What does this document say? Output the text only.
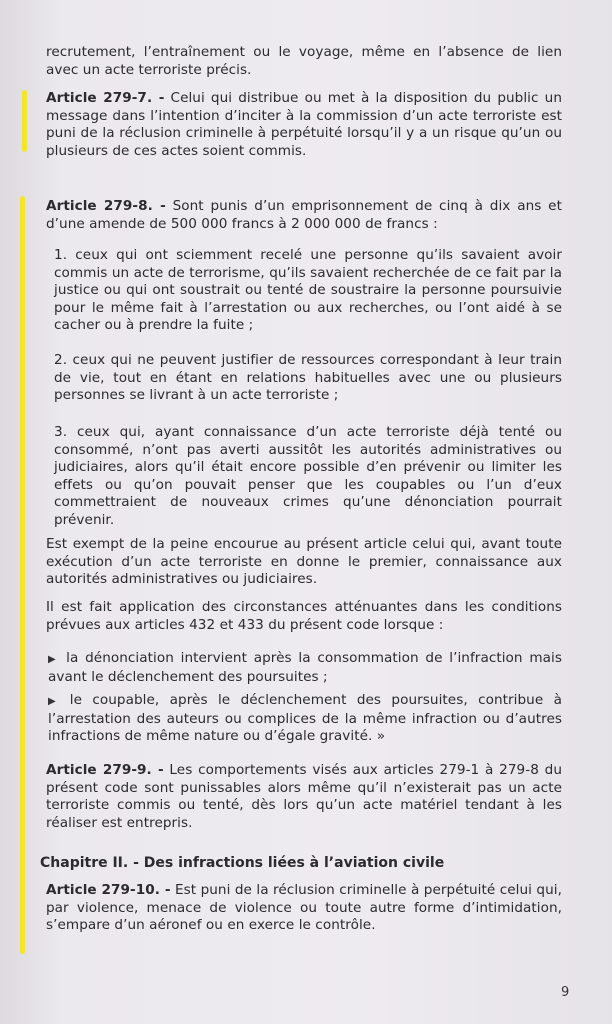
recrutement, l’entraînement ou le voyage, même en l’absence de lien avec un acte terroriste précis.

Article 279-7. - Celui qui distribue ou met à la disposition du public un message dans l’intention d’inciter à la commission d’un acte terroriste est puni de la réclusion criminelle à perpétuité lorsqu’il y a un risque qu’un ou plusieurs de ces actes soient commis.

Article 279-8. - Sont punis d’un emprisonnement de cinq à dix ans et d’une amende de 500 000 francs à 2 000 000 de francs :

1. ceux qui ont sciemment recelé une personne qu’ils savaient avoir commis un acte de terrorisme, qu’ils savaient recherchée de ce fait par la justice ou qui ont soustrait ou tenté de soustraire la personne poursuivie pour le même fait à l’arrestation ou aux recherches, ou l’ont aidé à se cacher ou à prendre la fuite ;

2. ceux qui ne peuvent justifier de ressources correspondant à leur train de vie, tout en étant en relations habituelles avec une ou plusieurs personnes se livrant à un acte terroriste ;

3. ceux qui, ayant connaissance d’un acte terroriste déjà tenté ou consommé, n’ont pas averti aussitôt les autorités administratives ou judiciaires, alors qu’il était encore possible d’en prévenir ou limiter les effets ou qu’on pouvait penser que les coupables ou l’un d’eux commettraient de nouveaux crimes qu’une dénonciation pourrait prévenir.

Est exempt de la peine encourue au présent article celui qui, avant toute exécution d’un acte terroriste en donne le premier, connaissance aux autorités administratives ou judiciaires.

Il est fait application des circonstances atténuantes dans les conditions prévues aux articles 432 et 433 du présent code lorsque :

▶ la dénonciation intervient après la consommation de l’infraction mais avant le déclenchement des poursuites ;

▶ le coupable, après le déclenchement des poursuites, contribue à l’arrestation des auteurs ou complices de la même infraction ou d’autres infractions de même nature ou d’égale gravité. »

Article 279-9. - Les comportements visés aux articles 279-1 à 279-8 du présent code sont punissables alors même qu’il n’existerait pas un acte terroriste commis ou tenté, dès lors qu’un acte matériel tendant à les réaliser est entrepris.

Chapitre II. - Des infractions liées à l’aviation civile

Article 279-10. - Est puni de la réclusion criminelle à perpétuité celui qui, par violence, menace de violence ou toute autre forme d’intimidation, s’empare d’un aéronef ou en exerce le contrôle.

9
